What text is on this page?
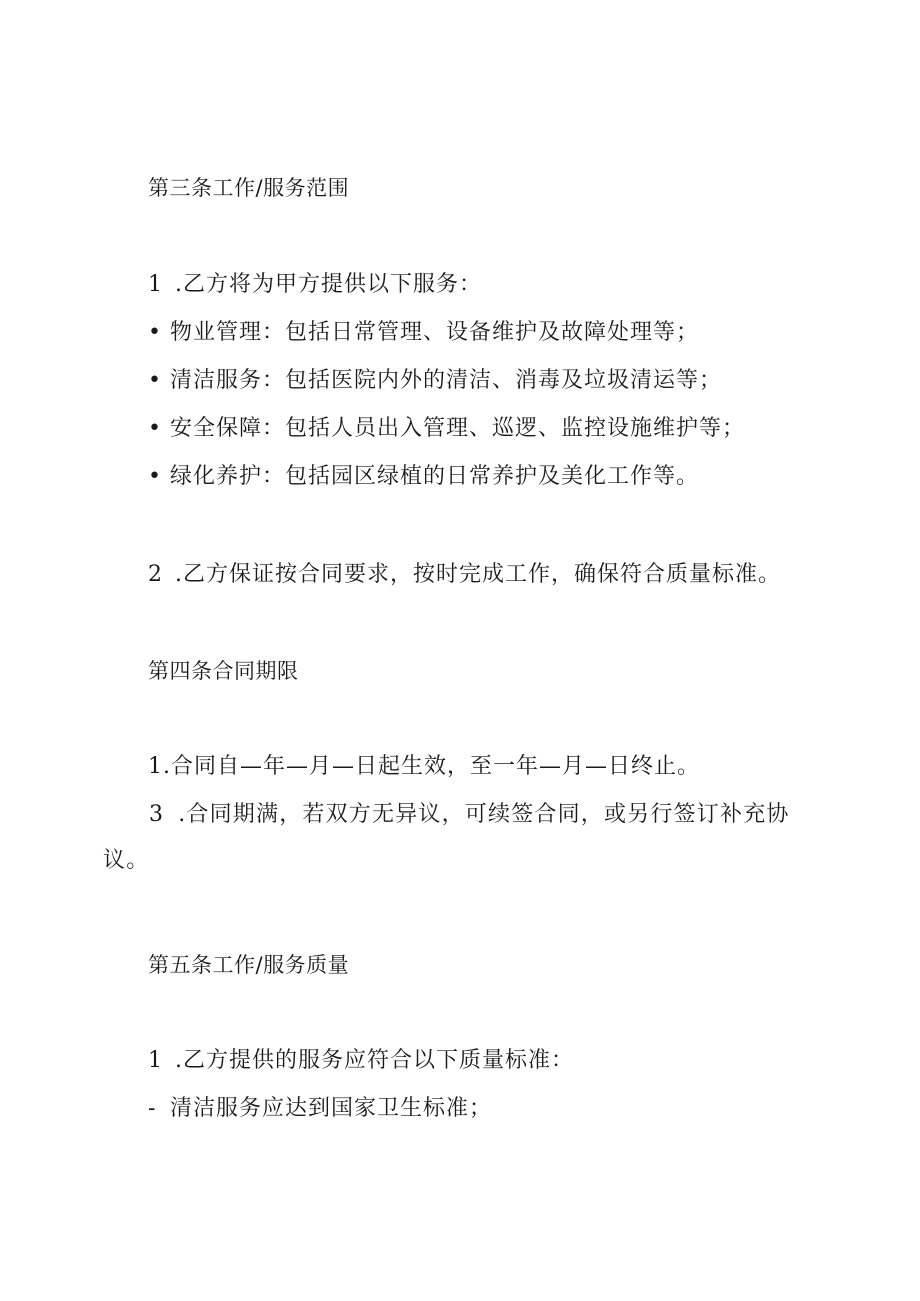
第三条工作/服务范围
1 .乙方将为甲方提供以下服务：
• 物业管理：包括日常管理、设备维护及故障处理等；
• 清洁服务：包括医院内外的清洁、消毒及垃圾清运等；
• 安全保障：包括人员出入管理、巡逻、监控设施维护等；
• 绿化养护：包括园区绿植的日常养护及美化工作等。
2 .乙方保证按合同要求，按时完成工作，确保符合质量标准。
第四条合同期限
1.合同自—年—月—日起生效，至一年—月—日终止。
3 .合同期满，若双方无异议，可续签合同，或另行签订补充协议。
第五条工作/服务质量
1 .乙方提供的服务应符合以下质量标准：
- 清洁服务应达到国家卫生标准；
